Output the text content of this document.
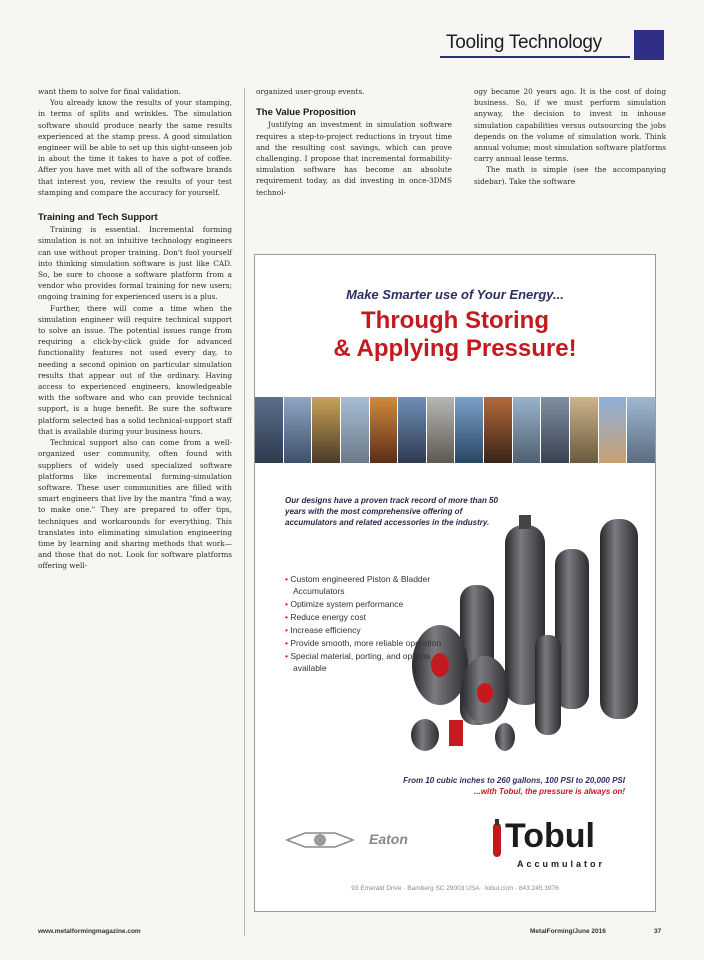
Tooling Technology

want them to solve for final validation.

You already know the results of your stamping, in terms of splits and wrinkles. The simulation software should produce nearly the same results experienced at the stamp press. A good simulation engineer will be able to set up this sight-unseen job in about the time it takes to have a pot of coffee. After you have met with all of the software brands that interest you, review the results of your test stamping and compare the accuracy for yourself.

Training and Tech Support

Training is essential. Incremental forming simulation is not an intuitive technology engineers can use without proper training. Don't fool yourself into thinking simulation software is just like CAD. So, be sure to choose a software platform from a vendor who provides formal training for new users; ongoing training for experienced users is a plus.

Further, there will come a time when the simulation engineer will require technical support to solve an issue. The potential issues range from requiring a click-by-click guide for advanced functionality features not used every day, to needing a second opinion on particular simulation results that appear out of the ordinary. Having access to experienced engineers, knowledgeable with the software and who can provide technical support, is a huge benefit. Be sure the software platform selected has a solid technical-support staff that is available during your business hours.

Technical support also can come from a well-organized user community, often found with suppliers of widely used specialized software platforms like incremental forming-simulation software. These user communities are filled with smart engineers that live by the mantra "find a way, to make one." They are prepared to offer tips, techniques and workarounds for everything. This translates into eliminating simulation engineering time by learning and sharing methods that work—and those that do not. Look for software platforms offering well-

organized user-group events.

The Value Proposition

Justifying an investment in simulation software requires a step-to-project reductions in tryout time and the resulting cost savings, which can prove challenging. I propose that incremental formability-simulation software has become an absolute requirement today, as did investing in once-3DMS technol-

ogy became 20 years ago. It is the cost of doing business. So, if we must perform simulation anyway, the decision to invest in inhouse simulation capabilities versus outsourcing the jobs depends on the volume of simulation work. Think annual volume; most simulation software platforms carry annual lease terms.

The math is simple (see the accompanying sidebar). Take the software

Make Smarter use of Your Energy...
Through Storing
& Applying Pressure!
Our designs have a proven track record of more than 50 years with the most comprehensive offering of accumulators and related accessories in the industry.
• Custom engineered Piston & Bladder Accumulators
• Optimize system performance
• Reduce energy cost
• Increase efficiency
• Provide smooth, more reliable operation
• Special material, porting, and options available
From 10 cubic inches to 260 gallons, 100 PSI to 20,000 PSI
...with Tobul, the pressure is always on!
Eaton	Tobul
Accumulator
93 Emerald Drive · Bamberg SC 29003 USA · tobul.com · 843.245.3976
www.metalformingmagazine.com	MetalForming/June 2016	37
